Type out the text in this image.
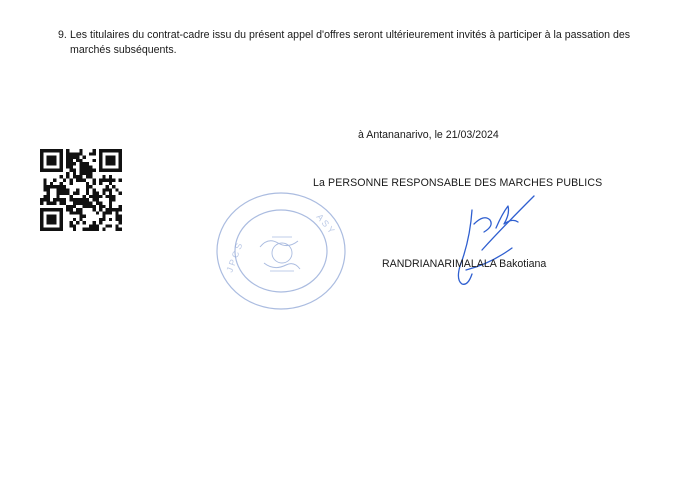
9. Les titulaires du contrat-cadre issu du présent appel d'offres seront ultérieurement invités à participer à la passation des
marchés subséquents.
à Antananarivo, le 21/03/2024
La PERSONNE RESPONSABLE DES MARCHES PUBLICS
J P C S
A S Y
RANDRIANARIMALALA Bakotiana
